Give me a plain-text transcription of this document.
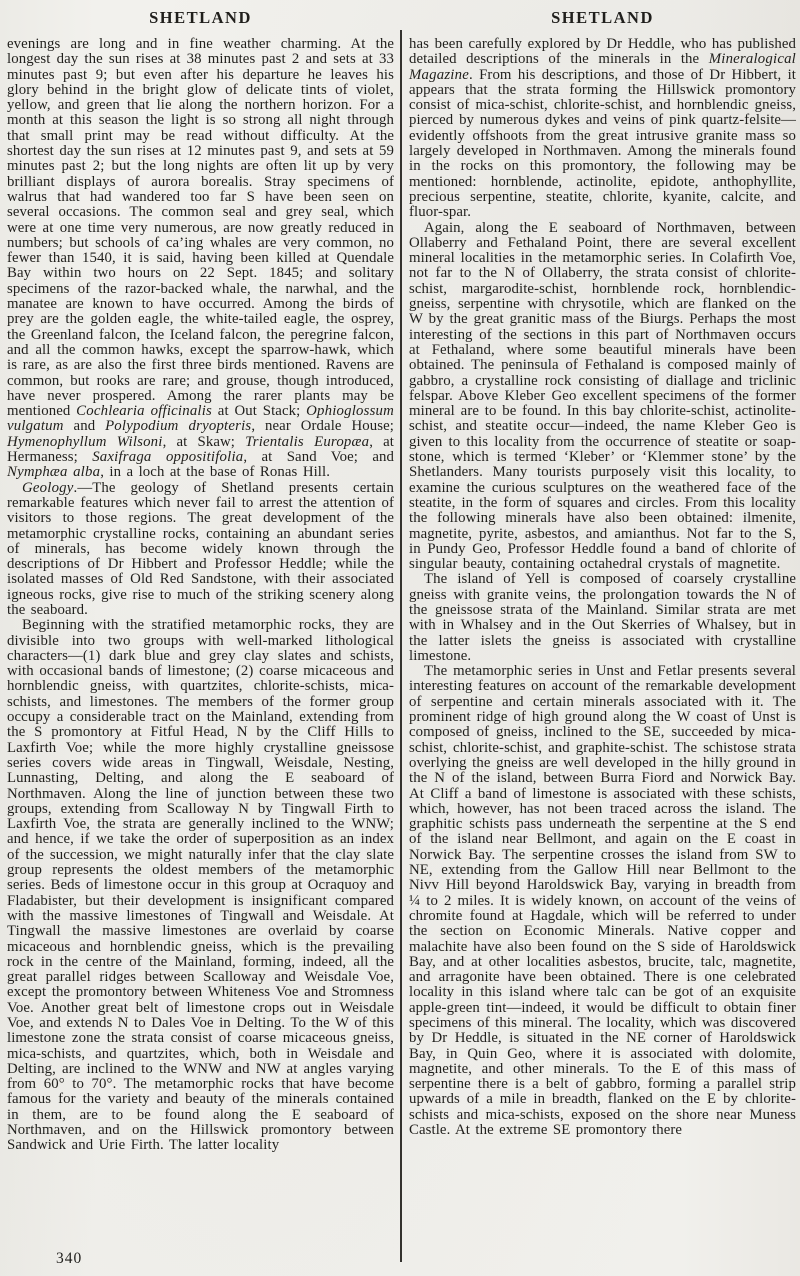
SHETLAND

evenings are long and in fine weather charming. At the longest day the sun rises at 38 minutes past 2 and sets at 33 minutes past 9; but even after his departure he leaves his glory behind in the bright glow of delicate tints of violet, yellow, and green that lie along the northern horizon. For a month at this season the light is so strong all night through that small print may be read without difficulty. At the shortest day the sun rises at 12 minutes past 9, and sets at 59 minutes past 2; but the long nights are often lit up by very brilliant displays of aurora borealis. Stray specimens of walrus that had wandered too far S have been seen on several occasions. The common seal and grey seal, which were at one time very numerous, are now greatly reduced in numbers; but schools of ca’ing whales are very common, no fewer than 1540, it is said, having been killed at Quendale Bay within two hours on 22 Sept. 1845; and solitary specimens of the razor-backed whale, the narwhal, and the manatee are known to have occurred. Among the birds of prey are the golden eagle, the white-tailed eagle, the osprey, the Greenland falcon, the Iceland falcon, the peregrine falcon, and all the common hawks, except the sparrow-hawk, which is rare, as are also the first three birds mentioned. Ravens are common, but rooks are rare; and grouse, though introduced, have never prospered. Among the rarer plants may be mentioned Cochlearia officinalis at Out Stack; Ophioglossum vulgatum and Polypodium dryopteris, near Ordale House; Hymenophyllum Wilsoni, at Skaw; Trientalis Europæa, at Hermaness; Saxifraga oppositifolia, at Sand Voe; and Nymphæa alba, in a loch at the base of Ronas Hill.

Geology.—The geology of Shetland presents certain remarkable features which never fail to arrest the attention of visitors to those regions. The great development of the metamorphic crystalline rocks, containing an abundant series of minerals, has become widely known through the descriptions of Dr Hibbert and Professor Heddle; while the isolated masses of Old Red Sandstone, with their associated igneous rocks, give rise to much of the striking scenery along the seaboard.

Beginning with the stratified metamorphic rocks, they are divisible into two groups with well-marked lithological characters—(1) dark blue and grey clay slates and schists, with occasional bands of limestone; (2) coarse micaceous and hornblendic gneiss, with quartzites, chlorite-schists, mica-schists, and limestones. The members of the former group occupy a considerable tract on the Mainland, extending from the S promontory at Fitful Head, N by the Cliff Hills to Laxfirth Voe; while the more highly crystalline gneissose series covers wide areas in Tingwall, Weisdale, Nesting, Lunnasting, Delting, and along the E seaboard of Northmaven. Along the line of junction between these two groups, extending from Scalloway N by Tingwall Firth to Laxfirth Voe, the strata are generally inclined to the WNW; and hence, if we take the order of superposition as an index of the succession, we might naturally infer that the clay slate group represents the oldest members of the metamorphic series. Beds of limestone occur in this group at Ocraquoy and Fladabister, but their development is insignificant compared with the massive limestones of Tingwall and Weisdale. At Tingwall the massive limestones are overlaid by coarse micaceous and hornblendic gneiss, which is the prevailing rock in the centre of the Mainland, forming, indeed, all the great parallel ridges between Scalloway and Weisdale Voe, except the promontory between Whiteness Voe and Stromness Voe. Another great belt of limestone crops out in Weisdale Voe, and extends N to Dales Voe in Delting. To the W of this limestone zone the strata consist of coarse micaceous gneiss, mica-schists, and quartzites, which, both in Weisdale and Delting, are inclined to the WNW and NW at angles varying from 60° to 70°. The metamorphic rocks that have become famous for the variety and beauty of the minerals contained in them, are to be found along the E seaboard of Northmaven, and on the Hillswick promontory between Sandwick and Urie Firth. The latter locality

SHETLAND

has been carefully explored by Dr Heddle, who has published detailed descriptions of the minerals in the Mineralogical Magazine. From his descriptions, and those of Dr Hibbert, it appears that the strata forming the Hillswick promontory consist of mica-schist, chlorite-schist, and hornblendic gneiss, pierced by numerous dykes and veins of pink quartz-felsite—evidently offshoots from the great intrusive granite mass so largely developed in Northmaven. Among the minerals found in the rocks on this promontory, the following may be mentioned: hornblende, actinolite, epidote, anthophyllite, precious serpentine, steatite, chlorite, kyanite, calcite, and fluor-spar.

Again, along the E seaboard of Northmaven, between Ollaberry and Fethaland Point, there are several excellent mineral localities in the metamorphic series. In Colafirth Voe, not far to the N of Ollaberry, the strata consist of chlorite-schist, margarodite-schist, hornblende rock, hornblendic-gneiss, serpentine with chrysotile, which are flanked on the W by the great granitic mass of the Biurgs. Perhaps the most interesting of the sections in this part of Northmaven occurs at Fethaland, where some beautiful minerals have been obtained. The peninsula of Fethaland is composed mainly of gabbro, a crystalline rock consisting of diallage and triclinic felspar. Above Kleber Geo excellent specimens of the former mineral are to be found. In this bay chlorite-schist, actinolite-schist, and steatite occur—indeed, the name Kleber Geo is given to this locality from the occurrence of steatite or soap-stone, which is termed ‘Kleber’ or ‘Klemmer stone’ by the Shetlanders. Many tourists purposely visit this locality, to examine the curious sculptures on the weathered face of the steatite, in the form of squares and circles. From this locality the following minerals have also been obtained: ilmenite, magnetite, pyrite, asbestos, and amianthus. Not far to the S, in Pundy Geo, Professor Heddle found a band of chlorite of singular beauty, containing octahedral crystals of magnetite.

The island of Yell is composed of coarsely crystalline gneiss with granite veins, the prolongation towards the N of the gneissose strata of the Mainland. Similar strata are met with in Whalsey and in the Out Skerries of Whalsey, but in the latter islets the gneiss is associated with crystalline limestone.

The metamorphic series in Unst and Fetlar presents several interesting features on account of the remarkable development of serpentine and certain minerals associated with it. The prominent ridge of high ground along the W coast of Unst is composed of gneiss, inclined to the SE, succeeded by mica-schist, chlorite-schist, and graphite-schist. The schistose strata overlying the gneiss are well developed in the hilly ground in the N of the island, between Burra Fiord and Norwick Bay. At Cliff a band of limestone is associated with these schists, which, however, has not been traced across the island. The graphitic schists pass underneath the serpentine at the S end of the island near Bellmont, and again on the E coast in Norwick Bay. The serpentine crosses the island from SW to NE, extending from the Gallow Hill near Bellmont to the Nivv Hill beyond Haroldswick Bay, varying in breadth from ¼ to 2 miles. It is widely known, on account of the veins of chromite found at Hagdale, which will be referred to under the section on Economic Minerals. Native copper and malachite have also been found on the S side of Haroldswick Bay, and at other localities asbestos, brucite, talc, magnetite, and arragonite have been obtained. There is one celebrated locality in this island where talc can be got of an exquisite apple-green tint—indeed, it would be difficult to obtain finer specimens of this mineral. The locality, which was discovered by Dr Heddle, is situated in the NE corner of Haroldswick Bay, in Quin Geo, where it is associated with dolomite, magnetite, and other minerals. To the E of this mass of serpentine there is a belt of gabbro, forming a parallel strip upwards of a mile in breadth, flanked on the E by chlorite-schists and mica-schists, exposed on the shore near Muness Castle. At the extreme SE promontory there

340
